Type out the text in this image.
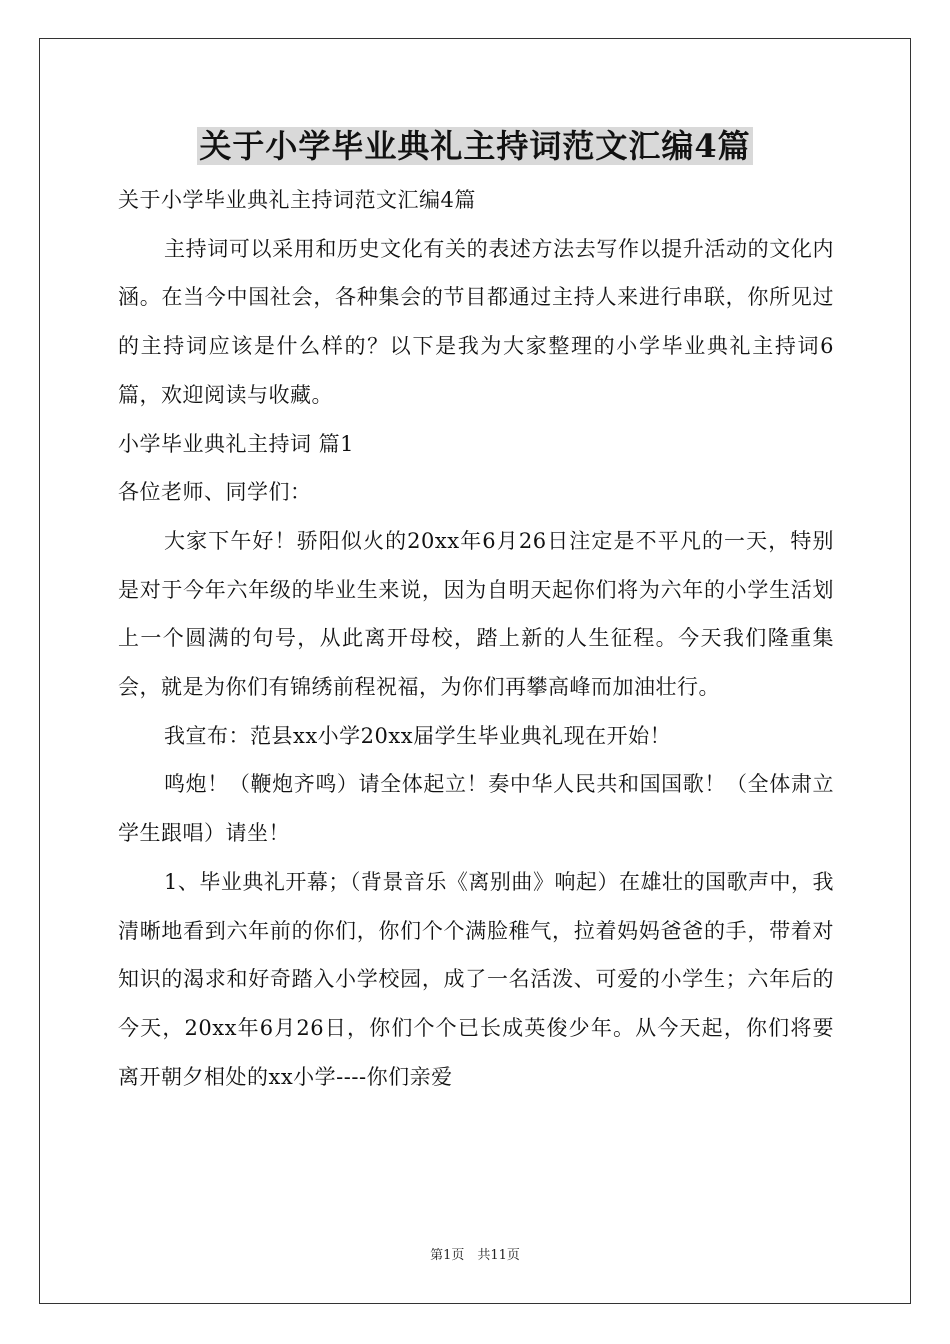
关于小学毕业典礼主持词范文汇编4篇

关于小学毕业典礼主持词范文汇编4篇

主持词可以采用和历史文化有关的表述方法去写作以提升活动的文化内涵。在当今中国社会，各种集会的节目都通过主持人来进行串联，你所见过的主持词应该是什么样的？以下是我为大家整理的小学毕业典礼主持词6篇，欢迎阅读与收藏。

小学毕业典礼主持词 篇1

各位老师、同学们：

大家下午好！骄阳似火的20xx年6月26日注定是不平凡的一天，特别是对于今年六年级的毕业生来说，因为自明天起你们将为六年的小学生活划上一个圆满的句号，从此离开母校，踏上新的人生征程。今天我们隆重集会，就是为你们有锦绣前程祝福，为你们再攀高峰而加油壮行。

我宣布：范县xx小学20xx届学生毕业典礼现在开始！

鸣炮！（鞭炮齐鸣）请全体起立！奏中华人民共和国国歌！（全体肃立学生跟唱）请坐！

1、毕业典礼开幕；（背景音乐《离别曲》响起）在雄壮的国歌声中，我清晰地看到六年前的你们，你们个个满脸稚气，拉着妈妈爸爸的手，带着对知识的渴求和好奇踏入小学校园，成了一名活泼、可爱的小学生；六年后的今天，20xx年6月26日，你们个个已长成英俊少年。从今天起，你们将要离开朝夕相处的xx小学----你们亲爱

第1页　共11页
